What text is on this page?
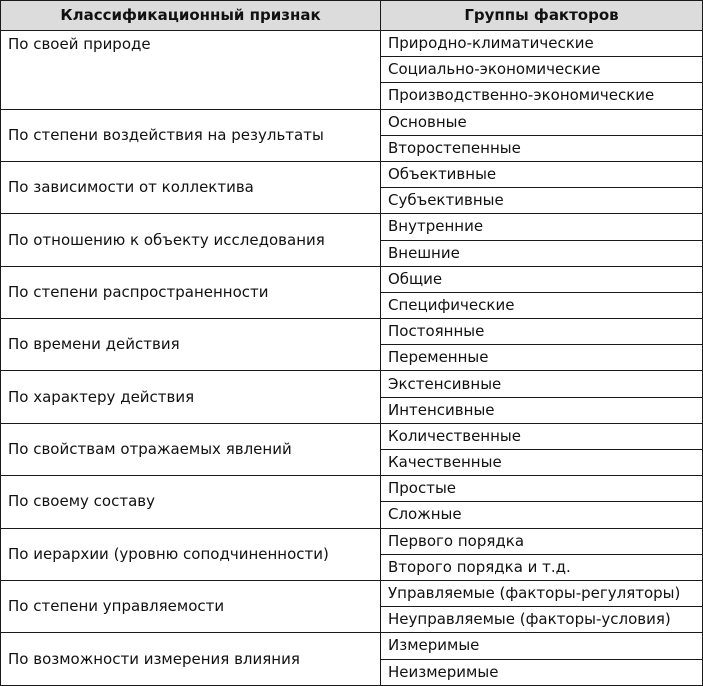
Классификационный признак	Группы факторов
По своей природе	Природно-климатические
	Социально-экономические
	Производственно-экономические
По степени воздействия на результаты	Основные
	Второстепенные
По зависимости от коллектива	Объективные
	Субъективные
По отношению к объекту исследования	Внутренние
	Внешние
По степени распространенности	Общие
	Специфические
По времени действия	Постоянные
	Переменные
По характеру действия	Экстенсивные
	Интенсивные
По свойствам отражаемых явлений	Количественные
	Качественные
По своему составу	Простые
	Сложные
По иерархии (уровню соподчиненности)	Первого порядка
	Второго порядка и т.д.
По степени управляемости	Управляемые (факторы-регуляторы)
	Неуправляемые (факторы-условия)
По возможности измерения влияния	Измеримые
	Неизмеримые
